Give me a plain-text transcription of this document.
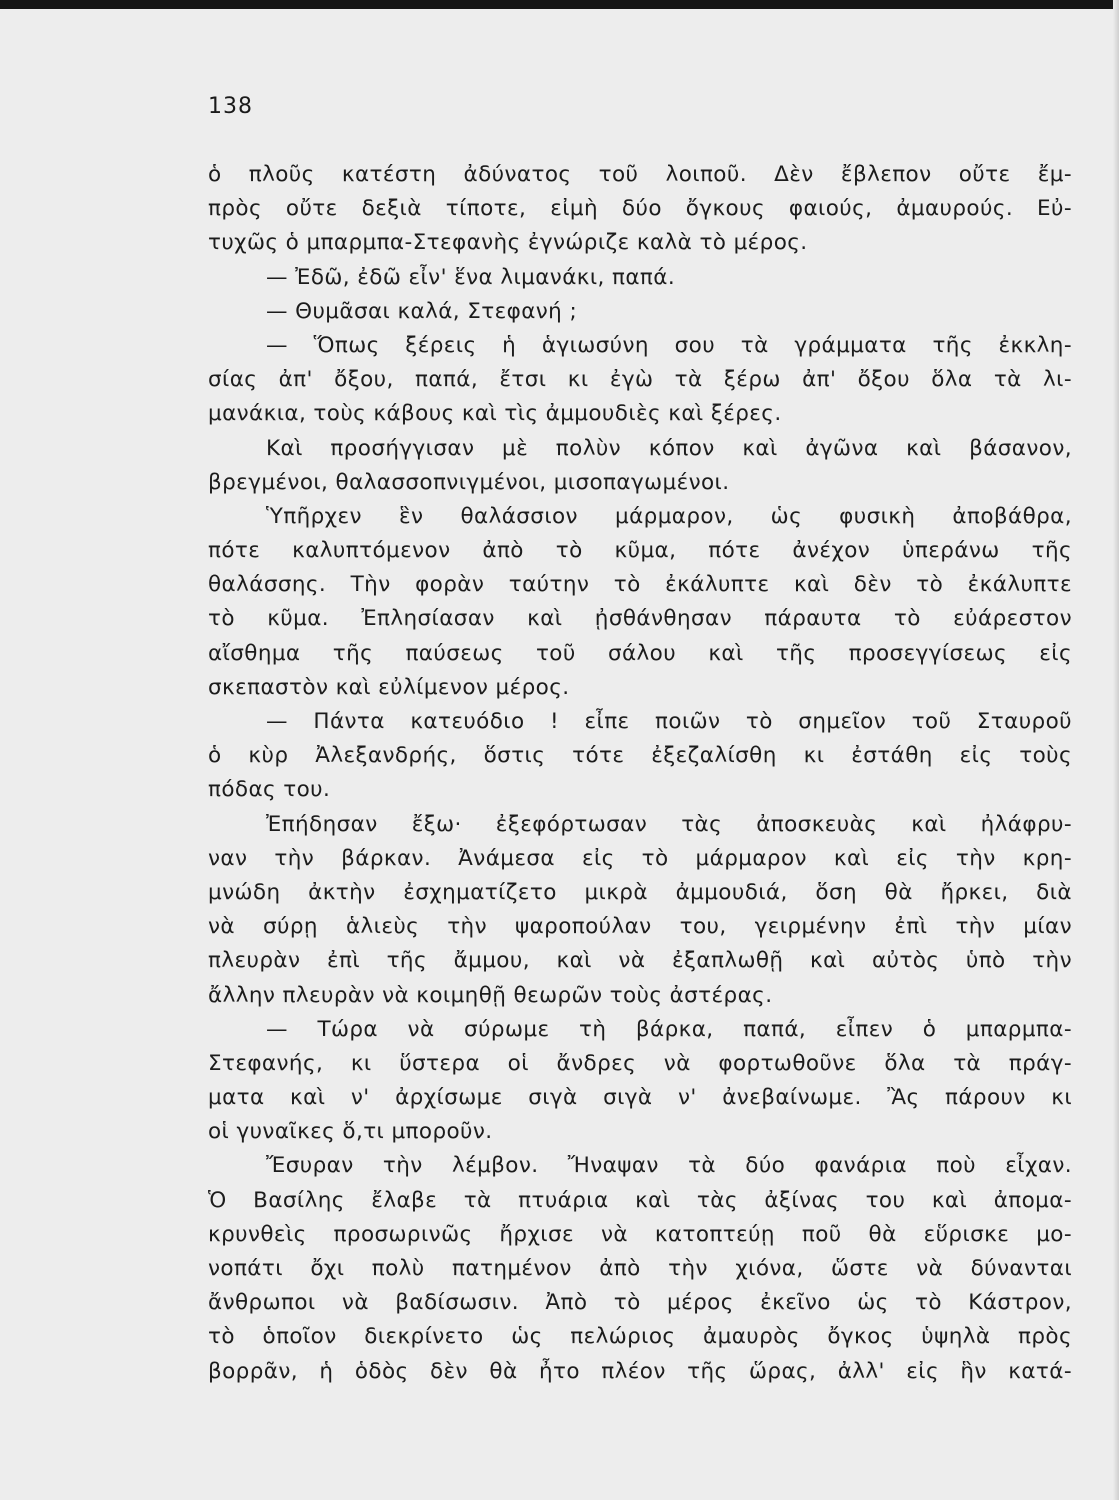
138
ὁ πλοῦς κατέστη ἀδύνατος τοῦ λοιποῦ. Δὲν ἔβλεπον οὔτε ἔμ-
πρὸς οὔτε δεξιὰ τίποτε, εἰμὴ δύο ὄγκους φαιούς, ἀμαυρούς. Εὐ-
τυχῶς ὁ μπαρμπα-Στεφανὴς ἐγνώριζε καλὰ τὸ μέρος.
— Ἐδῶ, ἐδῶ εἶν' ἕνα λιμανάκι, παπά.
— Θυμᾶσαι καλά, Στεφανή ;
— Ὅπως ξέρεις ἡ ἁγιωσύνη σου τὰ γράμματα τῆς ἐκκλη-
σίας ἀπ' ὄξου, παπά, ἔτσι κι ἐγὼ τὰ ξέρω ἀπ' ὄξου ὅλα τὰ λι-
μανάκια, τοὺς κάβους καὶ τὶς ἀμμουδιὲς καὶ ξέρες.
Καὶ προσήγγισαν μὲ πολὺν κόπον καὶ ἀγῶνα καὶ βάσανον,
βρεγμένοι, θαλασσοπνιγμένοι, μισοπαγωμένοι.
Ὑπῆρχεν ἓν θαλάσσιον μάρμαρον, ὡς φυσικὴ ἀποβάθρα,
πότε καλυπτόμενον ἀπὸ τὸ κῦμα, πότε ἀνέχον ὑπεράνω τῆς
θαλάσσης. Τὴν φορὰν ταύτην τὸ ἐκάλυπτε καὶ δὲν τὸ ἐκάλυπτε
τὸ κῦμα. Ἐπλησίασαν καὶ ᾐσθάνθησαν πάραυτα τὸ εὐάρεστον
αἴσθημα τῆς παύσεως τοῦ σάλου καὶ τῆς προσεγγίσεως εἰς
σκεπαστὸν καὶ εὐλίμενον μέρος.
— Πάντα κατευόδιο ! εἶπε ποιῶν τὸ σημεῖον τοῦ Σταυροῦ
ὁ κὺρ Ἀλεξανδρής, ὅστις τότε ἐξεζαλίσθη κι ἐστάθη εἰς τοὺς
πόδας του.
Ἐπήδησαν ἔξω· ἐξεφόρτωσαν τὰς ἀποσκευὰς καὶ ἠλάφρυ-
ναν τὴν βάρκαν. Ἀνάμεσα εἰς τὸ μάρμαρον καὶ εἰς τὴν κρη-
μνώδη ἀκτὴν ἐσχηματίζετο μικρὰ ἀμμουδιά, ὅση θὰ ἤρκει, διὰ
νὰ σύρῃ ἁλιεὺς τὴν ψαροπούλαν του, γειρμένην ἐπὶ τὴν μίαν
πλευρὰν ἐπὶ τῆς ἄμμου, καὶ νὰ ἐξαπλωθῇ καὶ αὐτὸς ὑπὸ τὴν
ἄλλην πλευρὰν νὰ κοιμηθῇ θεωρῶν τοὺς ἀστέρας.
— Τώρα νὰ σύρωμε τὴ βάρκα, παπά, εἶπεν ὁ μπαρμπα-
Στεφανής, κι ὕστερα οἱ ἄνδρες νὰ φορτωθοῦνε ὅλα τὰ πράγ-
ματα καὶ ν' ἀρχίσωμε σιγὰ σιγὰ ν' ἀνεβαίνωμε. Ἂς πάρουν κι
οἱ γυναῖκες ὅ,τι μποροῦν.
Ἔσυραν τὴν λέμβον. Ἤναψαν τὰ δύο φανάρια ποὺ εἶχαν.
Ὁ Βασίλης ἔλαβε τὰ πτυάρια καὶ τὰς ἀξίνας του καὶ ἀπομα-
κρυνθεὶς προσωρινῶς ἤρχισε νὰ κατοπτεύῃ ποῦ θὰ εὕρισκε μο-
νοπάτι ὄχι πολὺ πατημένον ἀπὸ τὴν χιόνα, ὥστε νὰ δύνανται
ἄνθρωποι νὰ βαδίσωσιν. Ἀπὸ τὸ μέρος ἐκεῖνο ὡς τὸ Κάστρον,
τὸ ὁποῖον διεκρίνετο ὡς πελώριος ἀμαυρὸς ὄγκος ὑψηλὰ πρὸς
βορρᾶν, ἡ ὁδὸς δὲν θὰ ἦτο πλέον τῆς ὥρας, ἀλλ' εἰς ἣν κατά-
